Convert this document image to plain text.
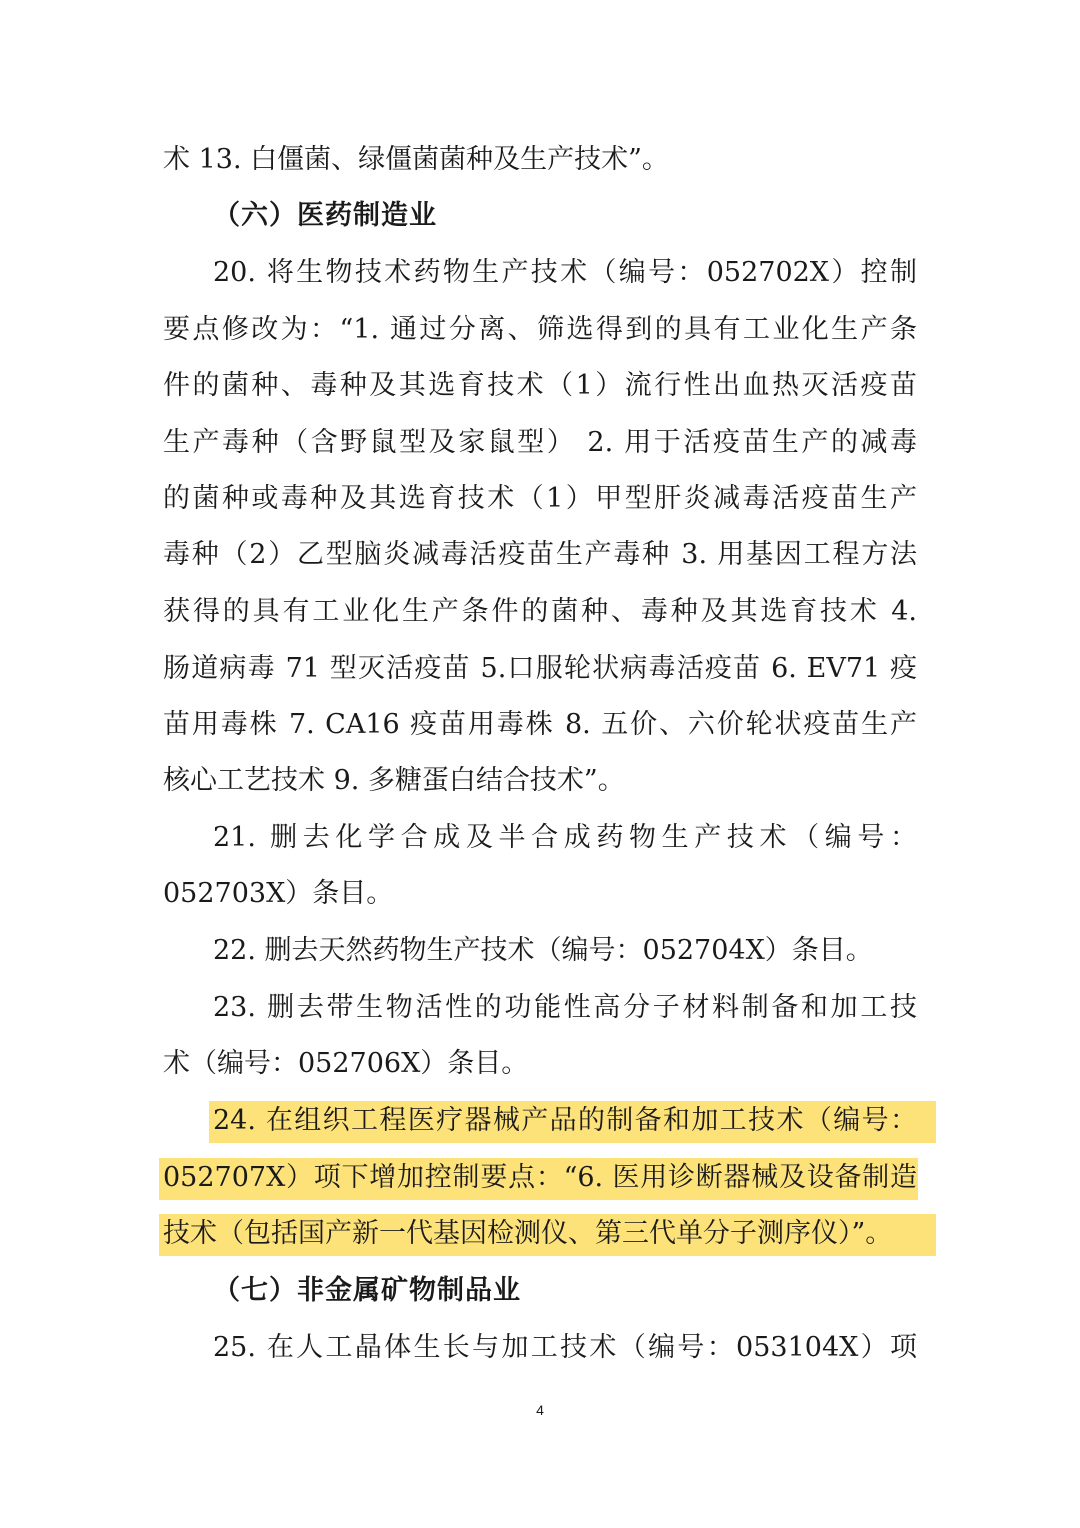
术 13. 白僵菌、绿僵菌菌种及生产技术”。
（六）医药制造业
20. 将生物技术药物生产技术（编号：052702X）控制
要点修改为：“1. 通过分离、筛选得到的具有工业化生产条
件的菌种、毒种及其选育技术（1）流行性出血热灭活疫苗
生产毒种（含野鼠型及家鼠型） 2. 用于活疫苗生产的减毒
的菌种或毒种及其选育技术（1）甲型肝炎减毒活疫苗生产
毒种（2）乙型脑炎减毒活疫苗生产毒种 3. 用基因工程方法
获得的具有工业化生产条件的菌种、毒种及其选育技术 4.
肠道病毒 71 型灭活疫苗 5.口服轮状病毒活疫苗 6. EV71 疫
苗用毒株 7. CA16 疫苗用毒株 8. 五价、六价轮状疫苗生产
核心工艺技术 9. 多糖蛋白结合技术”。
21. 删去化学合成及半合成药物生产技术（编号：
052703X）条目。
22. 删去天然药物生产技术（编号：052704X）条目。
23. 删去带生物活性的功能性高分子材料制备和加工技
术（编号：052706X）条目。
24. 在组织工程医疗器械产品的制备和加工技术（编号：
052707X）项下增加控制要点：“6. 医用诊断器械及设备制造
技术（包括国产新一代基因检测仪、第三代单分子测序仪）”。
（七）非金属矿物制品业
25. 在人工晶体生长与加工技术（编号：053104X）项
4
